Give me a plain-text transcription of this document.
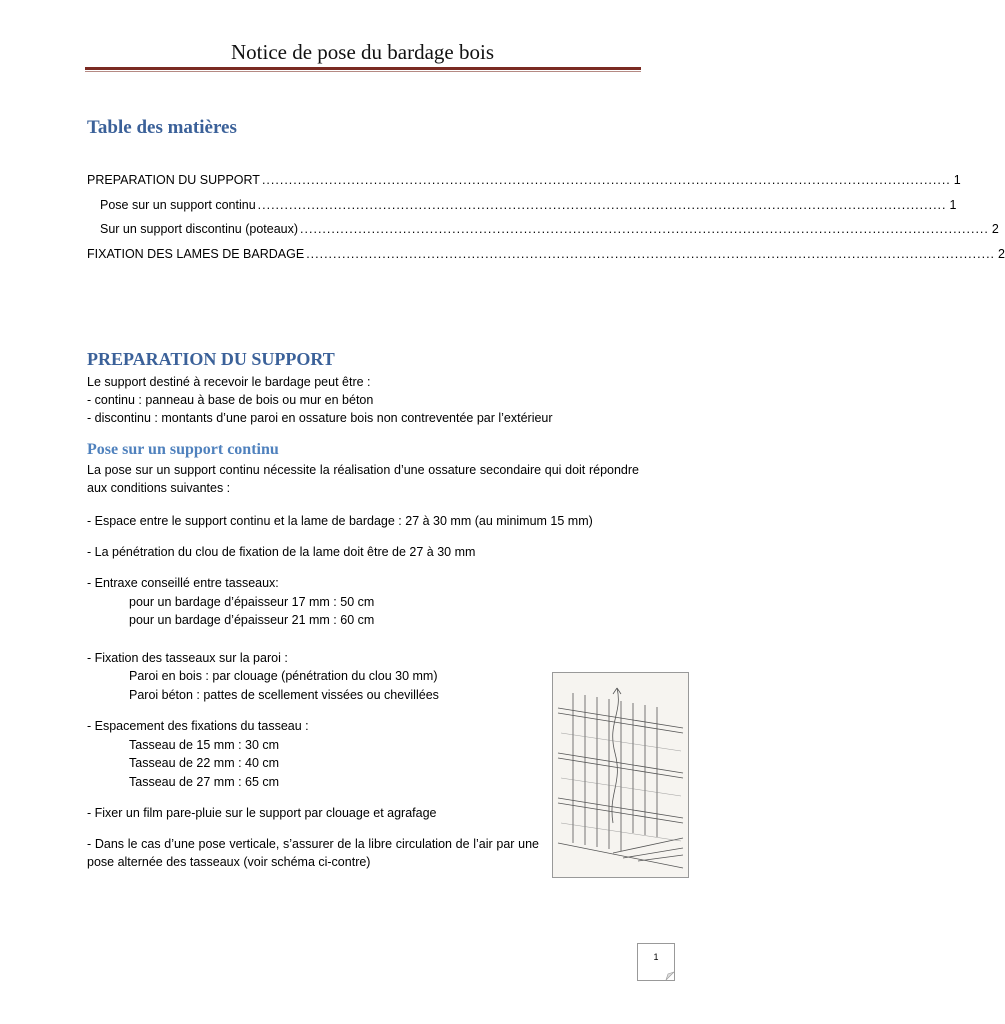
Notice de pose du bardage bois
Table des matières
PREPARATION DU SUPPORT .......................................................................................................................................................... 1
Pose sur un support continu .......................................................................................................................................................... 1
Sur un support discontinu (poteaux) .......................................................................................................................................................... 2
FIXATION DES LAMES DE BARDAGE .......................................................................................................................................................... 2
PREPARATION DU SUPPORT
Le support destiné à recevoir le bardage peut être :
- continu : panneau à base de bois ou mur en béton
- discontinu : montants d’une paroi en ossature bois non contreventée par l’extérieur
Pose sur un support continu
La pose sur un support continu nécessite la réalisation d’une ossature secondaire qui doit répondre aux conditions suivantes :
- Espace entre le support continu et la lame de bardage : 27 à 30 mm (au minimum 15 mm)
- La pénétration du clou de fixation de la lame doit être de 27 à 30 mm
- Entraxe conseillé entre tasseaux:
pour un bardage d’épaisseur 17 mm : 50 cm
pour un bardage d’épaisseur 21 mm : 60 cm
- Fixation des tasseaux sur la paroi :
Paroi en bois : par clouage (pénétration du clou 30 mm)
Paroi béton : pattes de scellement vissées ou chevillées
- Espacement des fixations du tasseau :
Tasseau de 15 mm : 30 cm
Tasseau de 22 mm : 40 cm
Tasseau de 27 mm : 65 cm
- Fixer un film pare-pluie sur le support par clouage et agrafage
- Dans le cas d’une pose verticale, s’assurer de la libre circulation de l’air par une pose alternée des tasseaux (voir schéma ci-contre)
1
